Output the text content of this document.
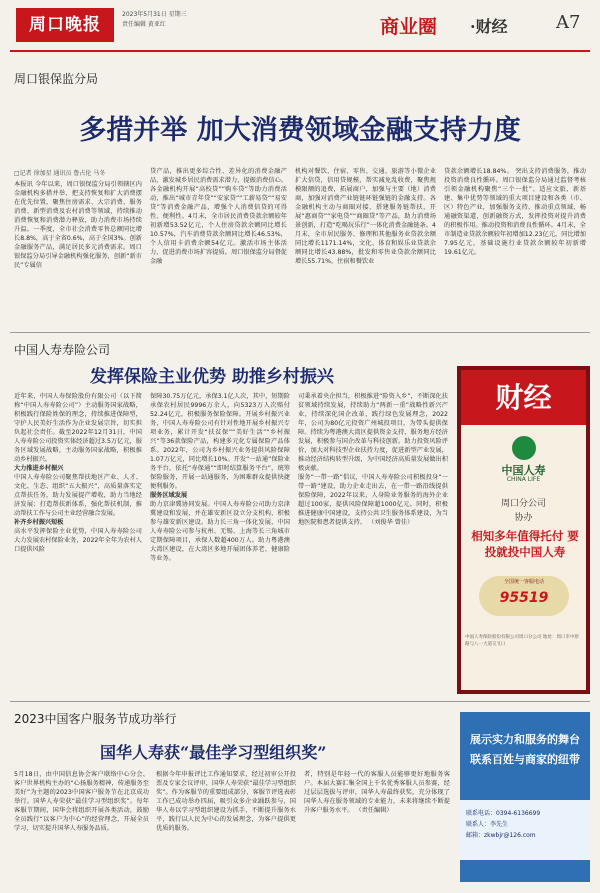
周口晚报
2023年5月31日 星期三
责任编辑 黄亚红	商业圈 ·财经	A7
周口银保监分局
多措并举 加大消费领域金融支持力度
□记者 徐加星 通讯员 鲁占伦 马冬
本报讯 今年以来，周口银保监分局引领辖区内金融机构多措并举，把支持恢复和扩大消费摆在优先位置，聚焦住房需求、大宗消费、服务消费、新型消费及农村消费等领域，持续推动消费恢复和消费潜力释放，助力消费市场持续升温。一季度，全市社会消费零售总额同比增长8.8%，高于全省0.6%，高于全国3%。创新金融服务产品，满足居民多元消费需求。周口银保监分局引导金融机构强化服务，创新“新市民”专属信
贷产品，推出更多综合性、差异化的消费金融产品，激发城乡居民消费需求潜力，提振消费信心。各金融机构开展“高校贷”“购车贷”等助力消费活动，推出“城市青年贷”“安家贷”“工薪易贷”“易安贷”等消费金融产品，增强个人消费信贷的可得性、便利性。4月末，全市居民消费贷款余额较年初新增53.52亿元，个人住房贷款余额同比增长10.57%，汽车消费贷款余额同比增长46.53%，个人信用卡消费余额54亿元。激活市场主体活力，促进消费市场扩容提质。周口银保监分局督促金融
机构对餐饮、住宿、零售、交通、旅游等小微企业扩大信贷，信用贷规模，帮实减免乱收费，聚焦规模限额的追费，拓展商户，加强与主要（地）消费商，加强对消费产业链链环链强链的金融支持。各金融机构主动与商圈对接，搭建服务链帮扶，开展“惠商贷”“家电贷”“商圈贷”等产品，助力消费场景创新，打造“吃喝玩乐行”一体化消费金融链条。4月末，全市居民服务、修理和其他服务业贷款余额同比增长1171.14%，文化、体育和娱乐业贷款余额同比增长43.88%，批发和零售业贷款余额同比增长55.71%，住宿和餐饮业
贷款余额增长18.84%。 突出支持消费服务，推动投资消费良性循环。周口银保监分局通过监督考核引领金融机构聚焦“三个一批”、适应文旅、新基建、集中优势等领域的重大项目建设和各类（市、区）特色产业，加强服务支持，推动重点领域、畅通融资渠道，创新融资方式，发挥投资对提升消费的积极作用。推动投资和消费良性循环。4月末，全市制造业贷款余额较年初增加12.23亿元，同比增加7.95亿元，基础设施行业贷款余额较年初新增19.61亿元。
中国人寿寿险公司
发挥保险主业优势 助推乡村振兴
近年来，中国人寿保险股份有限公司（以下简称“中国人寿寿险公司”）主动服务国家战略，积极践行保险姓保的理念，持续推进保障型，守护人民美好生活作为企业发展宗旨，切实担负起社会责任。截至2022年12月31日，中国人寿寿险公司投资实体经济超过3.5万亿元，服务区域发展战略，主动服务国家战略，积极推动乡村振兴。
大力推进乡村振兴
中国人寿寿险公司聚焦帮扶地区产业、人才、文化、生态、组织“五大振兴”，高质量落实定点帮扶任务，助力发展提产增收，助力当地经济发展；打造帮扶新体系，强化帮扶机制，推动帮扶工作与公司主业经营融合发展。
补齐乡村振兴短板
高水平发挥保险主业优势，中国人寿寿险公司大力发展农村保险业务，2022年全年为农村人口提供风险
保障30.75万亿元，承保3.1亿人次，其中，短期险承保农村居民9996万余人，向5323万人次赔付52.24亿元，积极服务保险保障。开展乡村振兴业务，中国人寿寿险公司有针对性地开展乡村振兴专项业务，累计开发“扶贫保”“美好生活”“乡村振兴”等36款保险产品，构建多元化专属保险产品体系。2022年，公司为乡村振兴业务提供风险保障1.07万亿元，同比增长10%。开发“一站通”保险业务平台，依托“寿保通”“即时结算服务平台”，统筹保险服务，开展一站通服务，为困难群众提供快捷便利服务。
服务区域发展
助力京津冀协同发展。中国人寿寿险公司助力京津冀建设和发展，并在雄安新区设立分支机构，积极参与雄安新区建设。助力长三角一体化发展，中国人寿寿险公司参与杭州、无锡、上海等长三角城市定期保障项目，承保人数超400万人。助力粤港澳大湾区建设，在大湾区多地开展团体养老、健康险等业务。
司秉承着央企担当，积极推进“险资入乡”，不断深化扶贫领域持续发展，持续助力“两新一重”战略性新兴产业，持续深化国企改革，践行绿色发展理念，2022年，公司为80亿元投资广州城投项目，为带头提供保障。持续为粤港澳大湾区提供资金支持，服务地方经济发展，积极参与国企改革与科技创新。助力投资风险评价，加大对科技型企业扶持力度，促进新型产业发展，推动经济结构转型升级，为中国经济高质量发展做出积极贡献。
服务“一带一路”倡议，中国人寿寿险公司积极投身“一带一路”建设，助力企业走出去，在一带一路沿线提供保险保障，2022年以来，人身险业务服务的海外企业超过100家，提供风险保障超1000亿元。同时，积极推进健康中国建设，支持公共卫生服务体系建设，为当地医院和患者提供支持。 （刘俊华 曾佳）
财经
中国人寿
CHINA LIFE
周口分公司
协办
相知多年值得托付 要投就投中国人寿
全国统一客服电话
95519
中国人寿保险股份有限公司周口分公司 地址：周口市中原路与八一大道交叉口
2023中国客户服务节成功举行
国华人寿获“最佳学习型组织奖”
5月18日，由中国信息协会客户联络中心分会、客户世界机构主办的“心扬服务精神，传递服务至美好”为主题的2023中国客户服务节在北京成功举行。国华人寿荣获“最佳学习型组织奖”。每年客服节期间，国华会将组织开展各类活动，鼓励全员践行“以客户为中心”的经营理念，开展全员学习，切实提升国华人寿服务品质。
根据今年申报评比工作通知要求，经过初审公开投票及专家会议评审，国华人寿荣获“最佳学习型组织奖”。作为客服节的重要组成部分，客服节评选表彰工作已成功举办四届，吸引众多企业踊跃参与，国华人寿以学习型组织建设为抓手，不断提升服务水平，践行以人民为中心的发展理念，为客户提供更优质的服务。
者，特别是年轻一代的客服人员能够更好地服务客户。本届大赛汇集全国上千名优秀客服人员参赛，经过层层选拔与评审，国华人寿最终获奖，充分体现了国华人寿在服务领域的专业能力，未来将继续不断提升客户服务水平。 （责任编辑）
展示实力和服务的舞台 联系百姓与商家的纽带
联系电话：0394-6136699
联系人：李先生
邮箱：zkwbjr@126.com
